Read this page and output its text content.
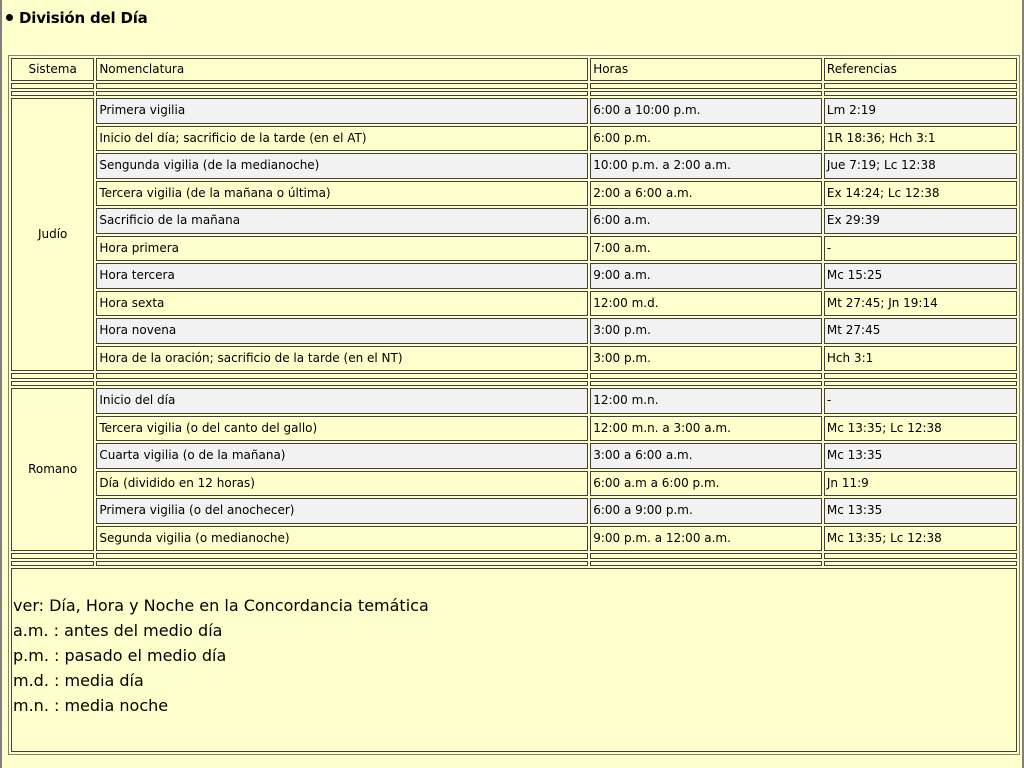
División del Día
Sistema	Nomenclatura	Horas	Referencias

Judío	Primera vigilia	6:00 a 10:00 p.m.	Lm 2:19
	Inicio del día; sacrificio de la tarde (en el AT)	6:00 p.m.	1R 18:36; Hch 3:1
	Sengunda vigilia (de la medianoche)	10:00 p.m. a 2:00 a.m.	Jue 7:19; Lc 12:38
	Tercera vigilia (de la mañana o última)	2:00 a 6:00 a.m.	Ex 14:24; Lc 12:38
	Sacrificio de la mañana	6:00 a.m.	Ex 29:39
	Hora primera	7:00 a.m.	-
	Hora tercera	9:00 a.m.	Mc 15:25
	Hora sexta	12:00 m.d.	Mt 27:45; Jn 19:14
	Hora novena	3:00 p.m.	Mt 27:45
	Hora de la oración; sacrificio de la tarde (en el NT)	3:00 p.m.	Hch 3:1

Romano	Inicio del día	12:00 m.n.	-
	Tercera vigilia (o del canto del gallo)	12:00 m.n. a 3:00 a.m.	Mc 13:35; Lc 12:38
	Cuarta vigilia (o de la mañana)	3:00 a 6:00 a.m.	Mc 13:35
	Día (dividido en 12 horas)	6:00 a.m a 6:00 p.m.	Jn 11:9
	Primera vigilia (o del anochecer)	6:00 a 9:00 p.m.	Mc 13:35
	Segunda vigilia (o medianoche)	9:00 p.m. a 12:00 a.m.	Mc 13:35; Lc 12:38

ver: Día, Hora y Noche en la Concordancia temática
a.m. : antes del medio día
p.m. : pasado el medio día
m.d. : media día
m.n. : media noche			
